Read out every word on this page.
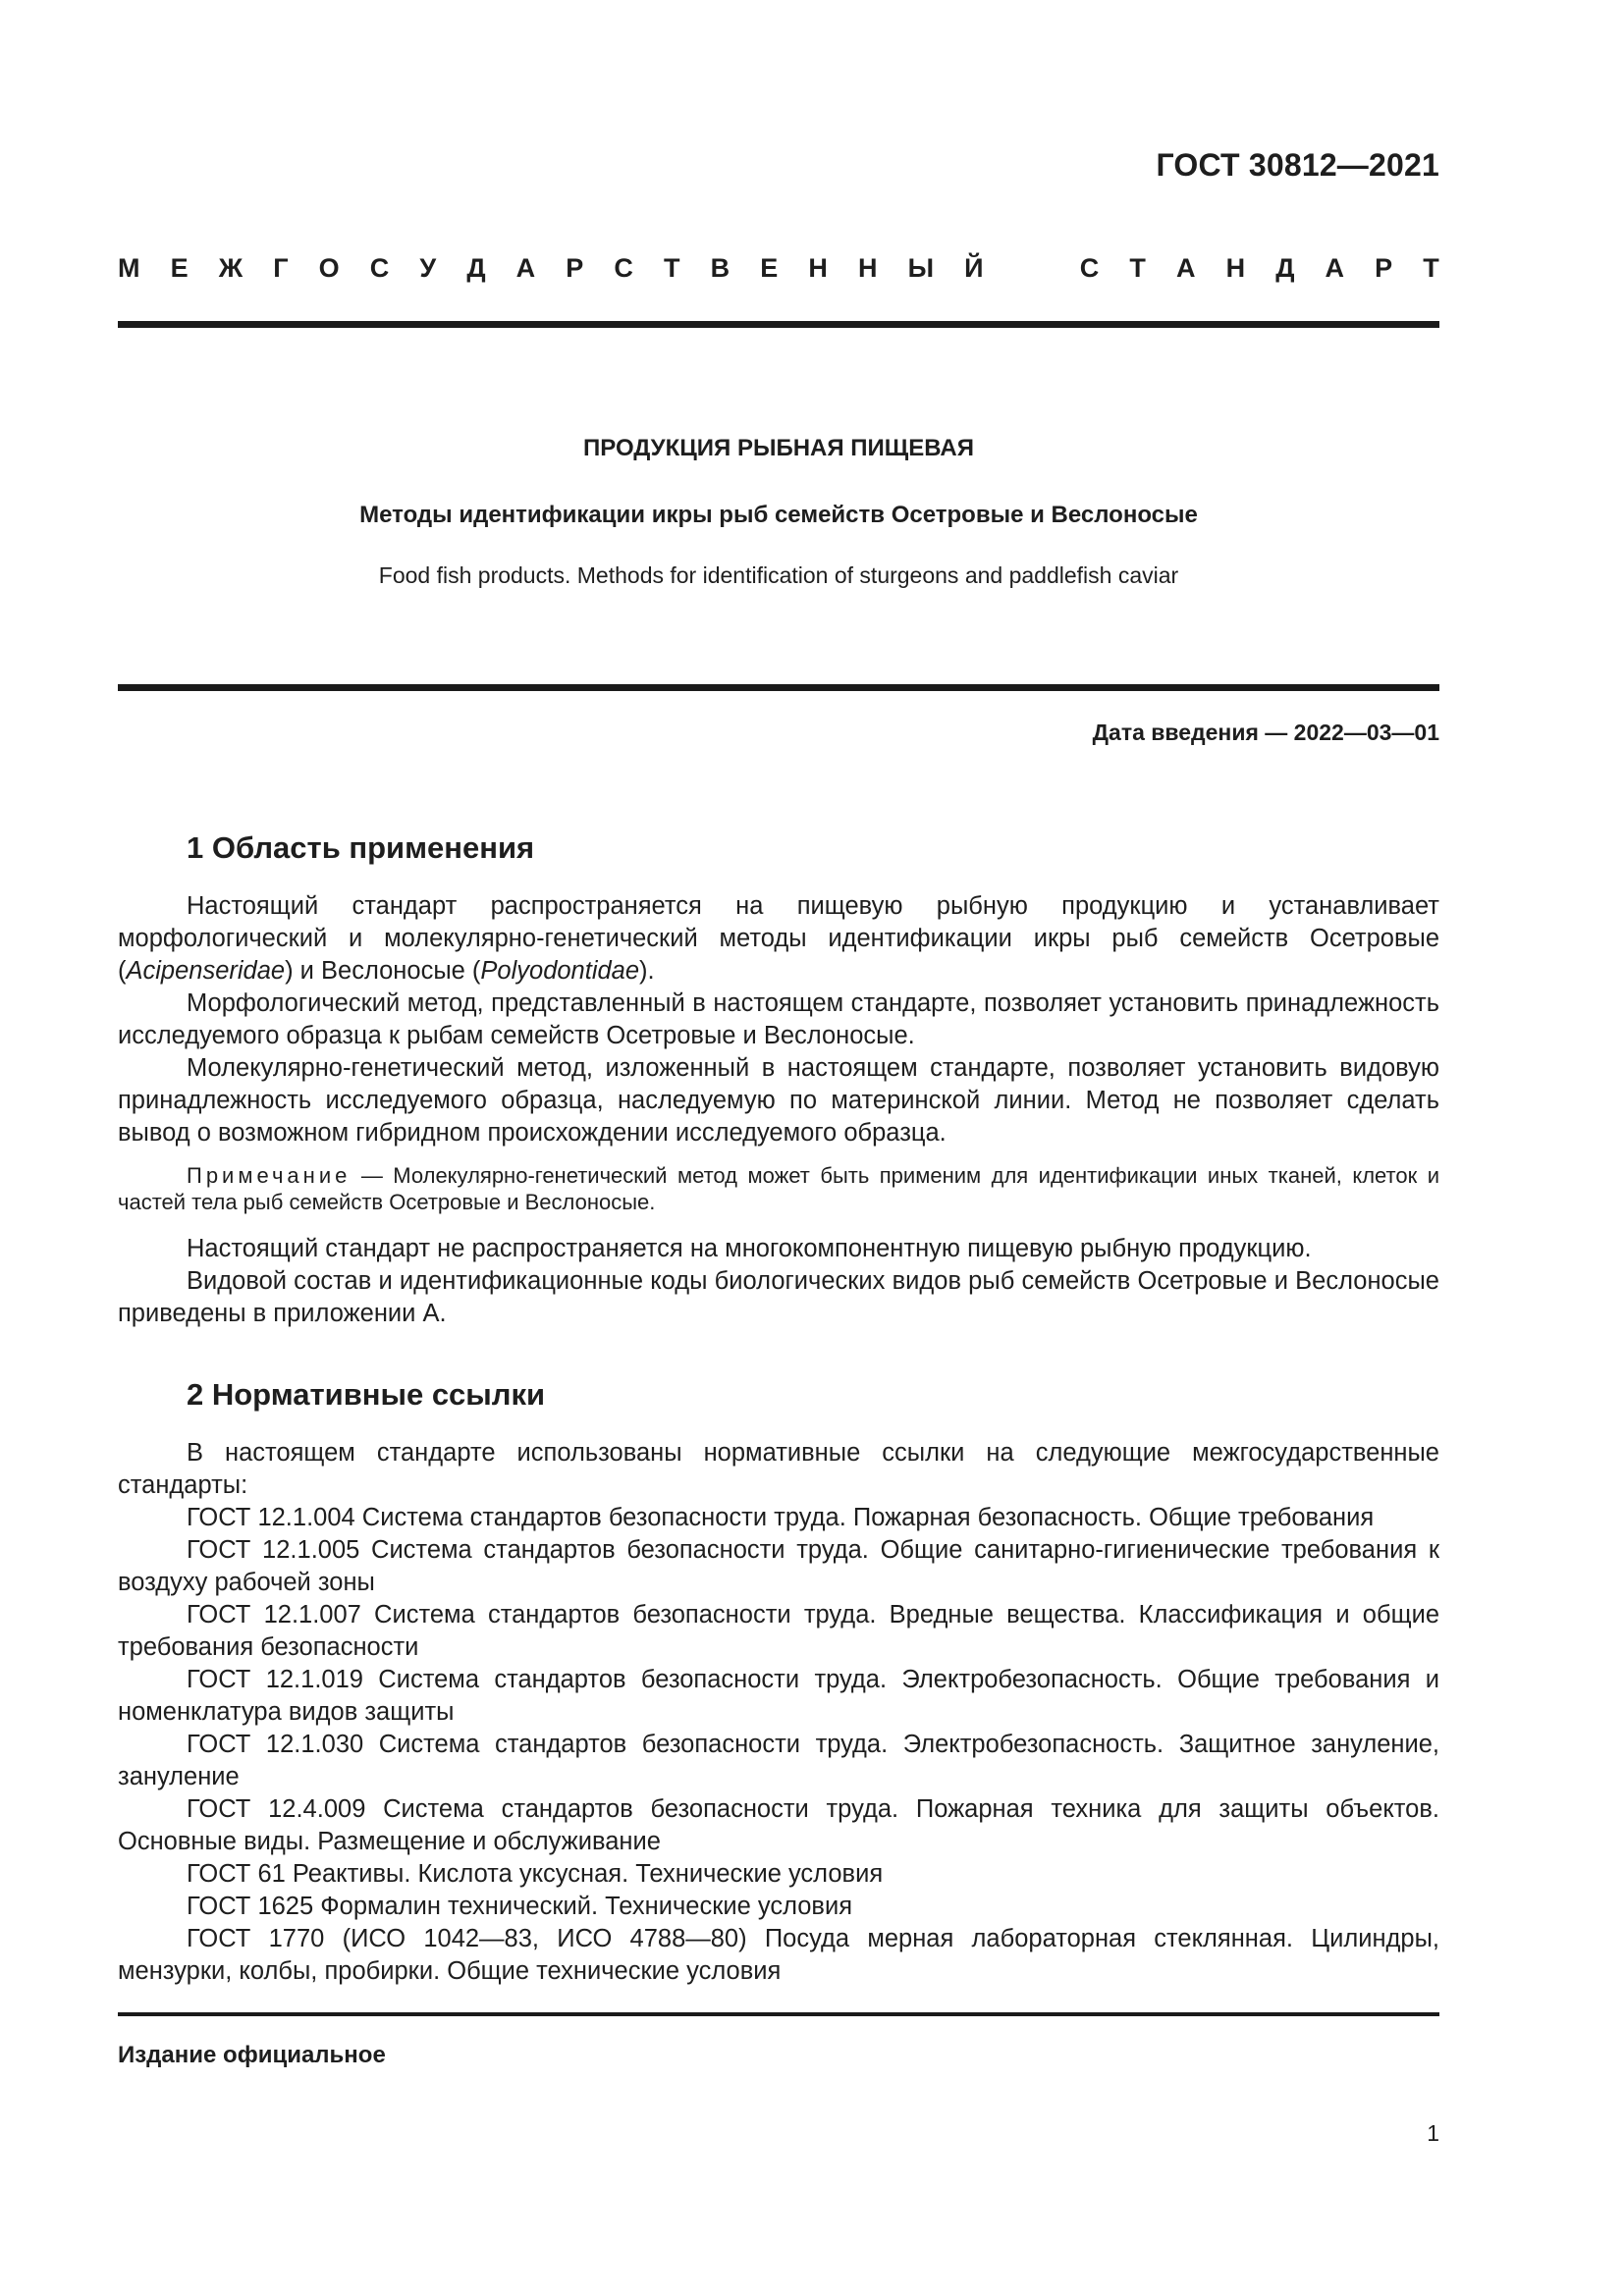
ГОСТ 30812—2021
М Е Ж Г О С У Д А Р С Т В Е Н Н Ы Й	С Т А Н Д А Р Т
ПРОДУКЦИЯ РЫБНАЯ ПИЩЕВАЯ
Методы идентификации икры рыб семейств Осетровые и Веслоносые
Food fish products. Methods for identification of sturgeons and paddlefish caviar
Дата введения — 2022—03—01
1 Область применения

Настоящий стандарт распространяется на пищевую рыбную продукцию и устанавливает морфологический и молекулярно-генетический методы идентификации икры рыб семейств Осетровые (Acipenseridae) и Веслоносые (Polyodontidae).

Морфологический метод, представленный в настоящем стандарте, позволяет установить принадлежность исследуемого образца к рыбам семейств Осетровые и Веслоносые.

Молекулярно-генетический метод, изложенный в настоящем стандарте, позволяет установить видовую принадлежность исследуемого образца, наследуемую по материнской линии. Метод не позволяет сделать вывод о возможном гибридном происхождении исследуемого образца.

Примечание — Молекулярно-генетический метод может быть применим для идентификации иных тканей, клеток и частей тела рыб семейств Осетровые и Веслоносые.

Настоящий стандарт не распространяется на многокомпонентную пищевую рыбную продукцию.

Видовой состав и идентификационные коды биологических видов рыб семейств Осетровые и Веслоносые приведены в приложении А.

2 Нормативные ссылки

В настоящем стандарте использованы нормативные ссылки на следующие межгосударственные стандарты:

ГОСТ 12.1.004 Система стандартов безопасности труда. Пожарная безопасность. Общие требования
ГОСТ 12.1.005 Система стандартов безопасности труда. Общие санитарно-гигиенические требования к воздуху рабочей зоны
ГОСТ 12.1.007 Система стандартов безопасности труда. Вредные вещества. Классификация и общие требования безопасности
ГОСТ 12.1.019 Система стандартов безопасности труда. Электробезопасность. Общие требования и номенклатура видов защиты
ГОСТ 12.1.030 Система стандартов безопасности труда. Электробезопасность. Защитное зануление, зануление
ГОСТ 12.4.009 Система стандартов безопасности труда. Пожарная техника для защиты объектов. Основные виды. Размещение и обслуживание
ГОСТ 61 Реактивы. Кислота уксусная. Технические условия
ГОСТ 1625 Формалин технический. Технические условия
ГОСТ 1770 (ИСО 1042—83, ИСО 4788—80) Посуда мерная лабораторная стеклянная. Цилиндры, мензурки, колбы, пробирки. Общие технические условия
Издание официальное
1
